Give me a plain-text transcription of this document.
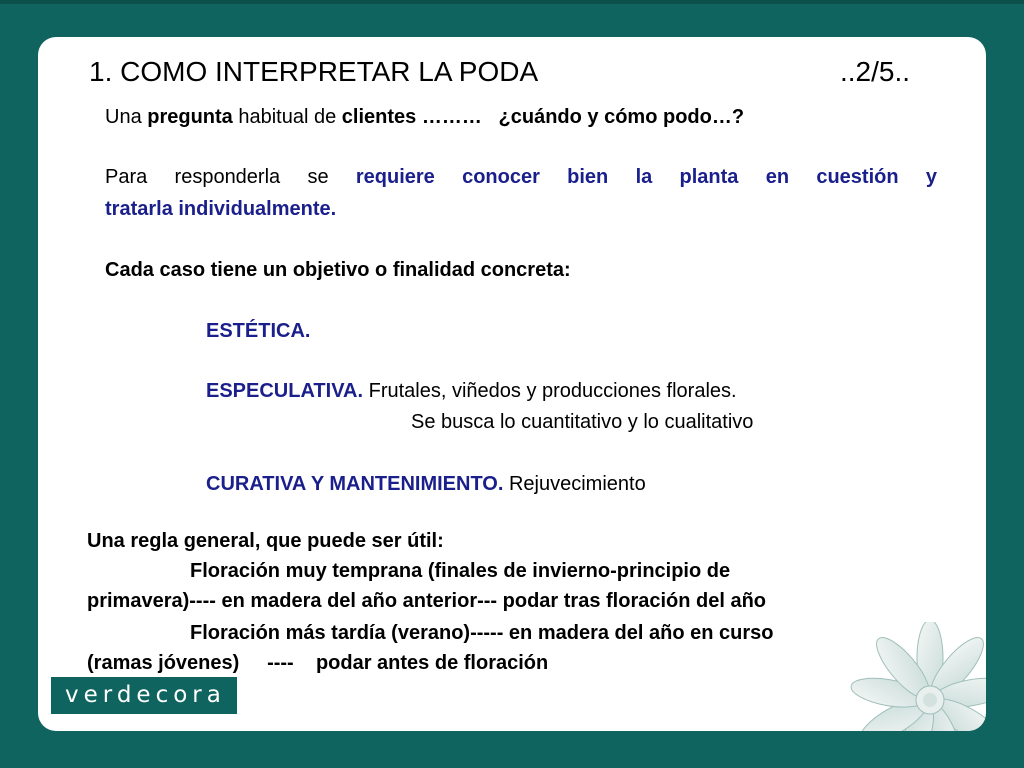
1. COMO INTERPRETAR LA PODA	..2/5..
Una pregunta habitual de clientes ……… ¿cuándo y cómo podo…?
Para responderla se requiere conocer bien la planta en cuestión y
tratarla individualmente.
Cada caso tiene un objetivo o finalidad concreta:
ESTÉTICA.
ESPECULATIVA. Frutales, viñedos y producciones florales.
Se busca lo cuantitativo y lo cualitativo
CURATIVA Y MANTENIMIENTO. Rejuvecimiento
Una regla general, que puede ser útil:
Floración muy temprana (finales de invierno-principio de
primavera)---- en madera del año anterior--- podar tras floración del año
Floración más tardía (verano)----- en madera del año en curso
(ramas jóvenes)     ----    podar antes de floración
verdecora
